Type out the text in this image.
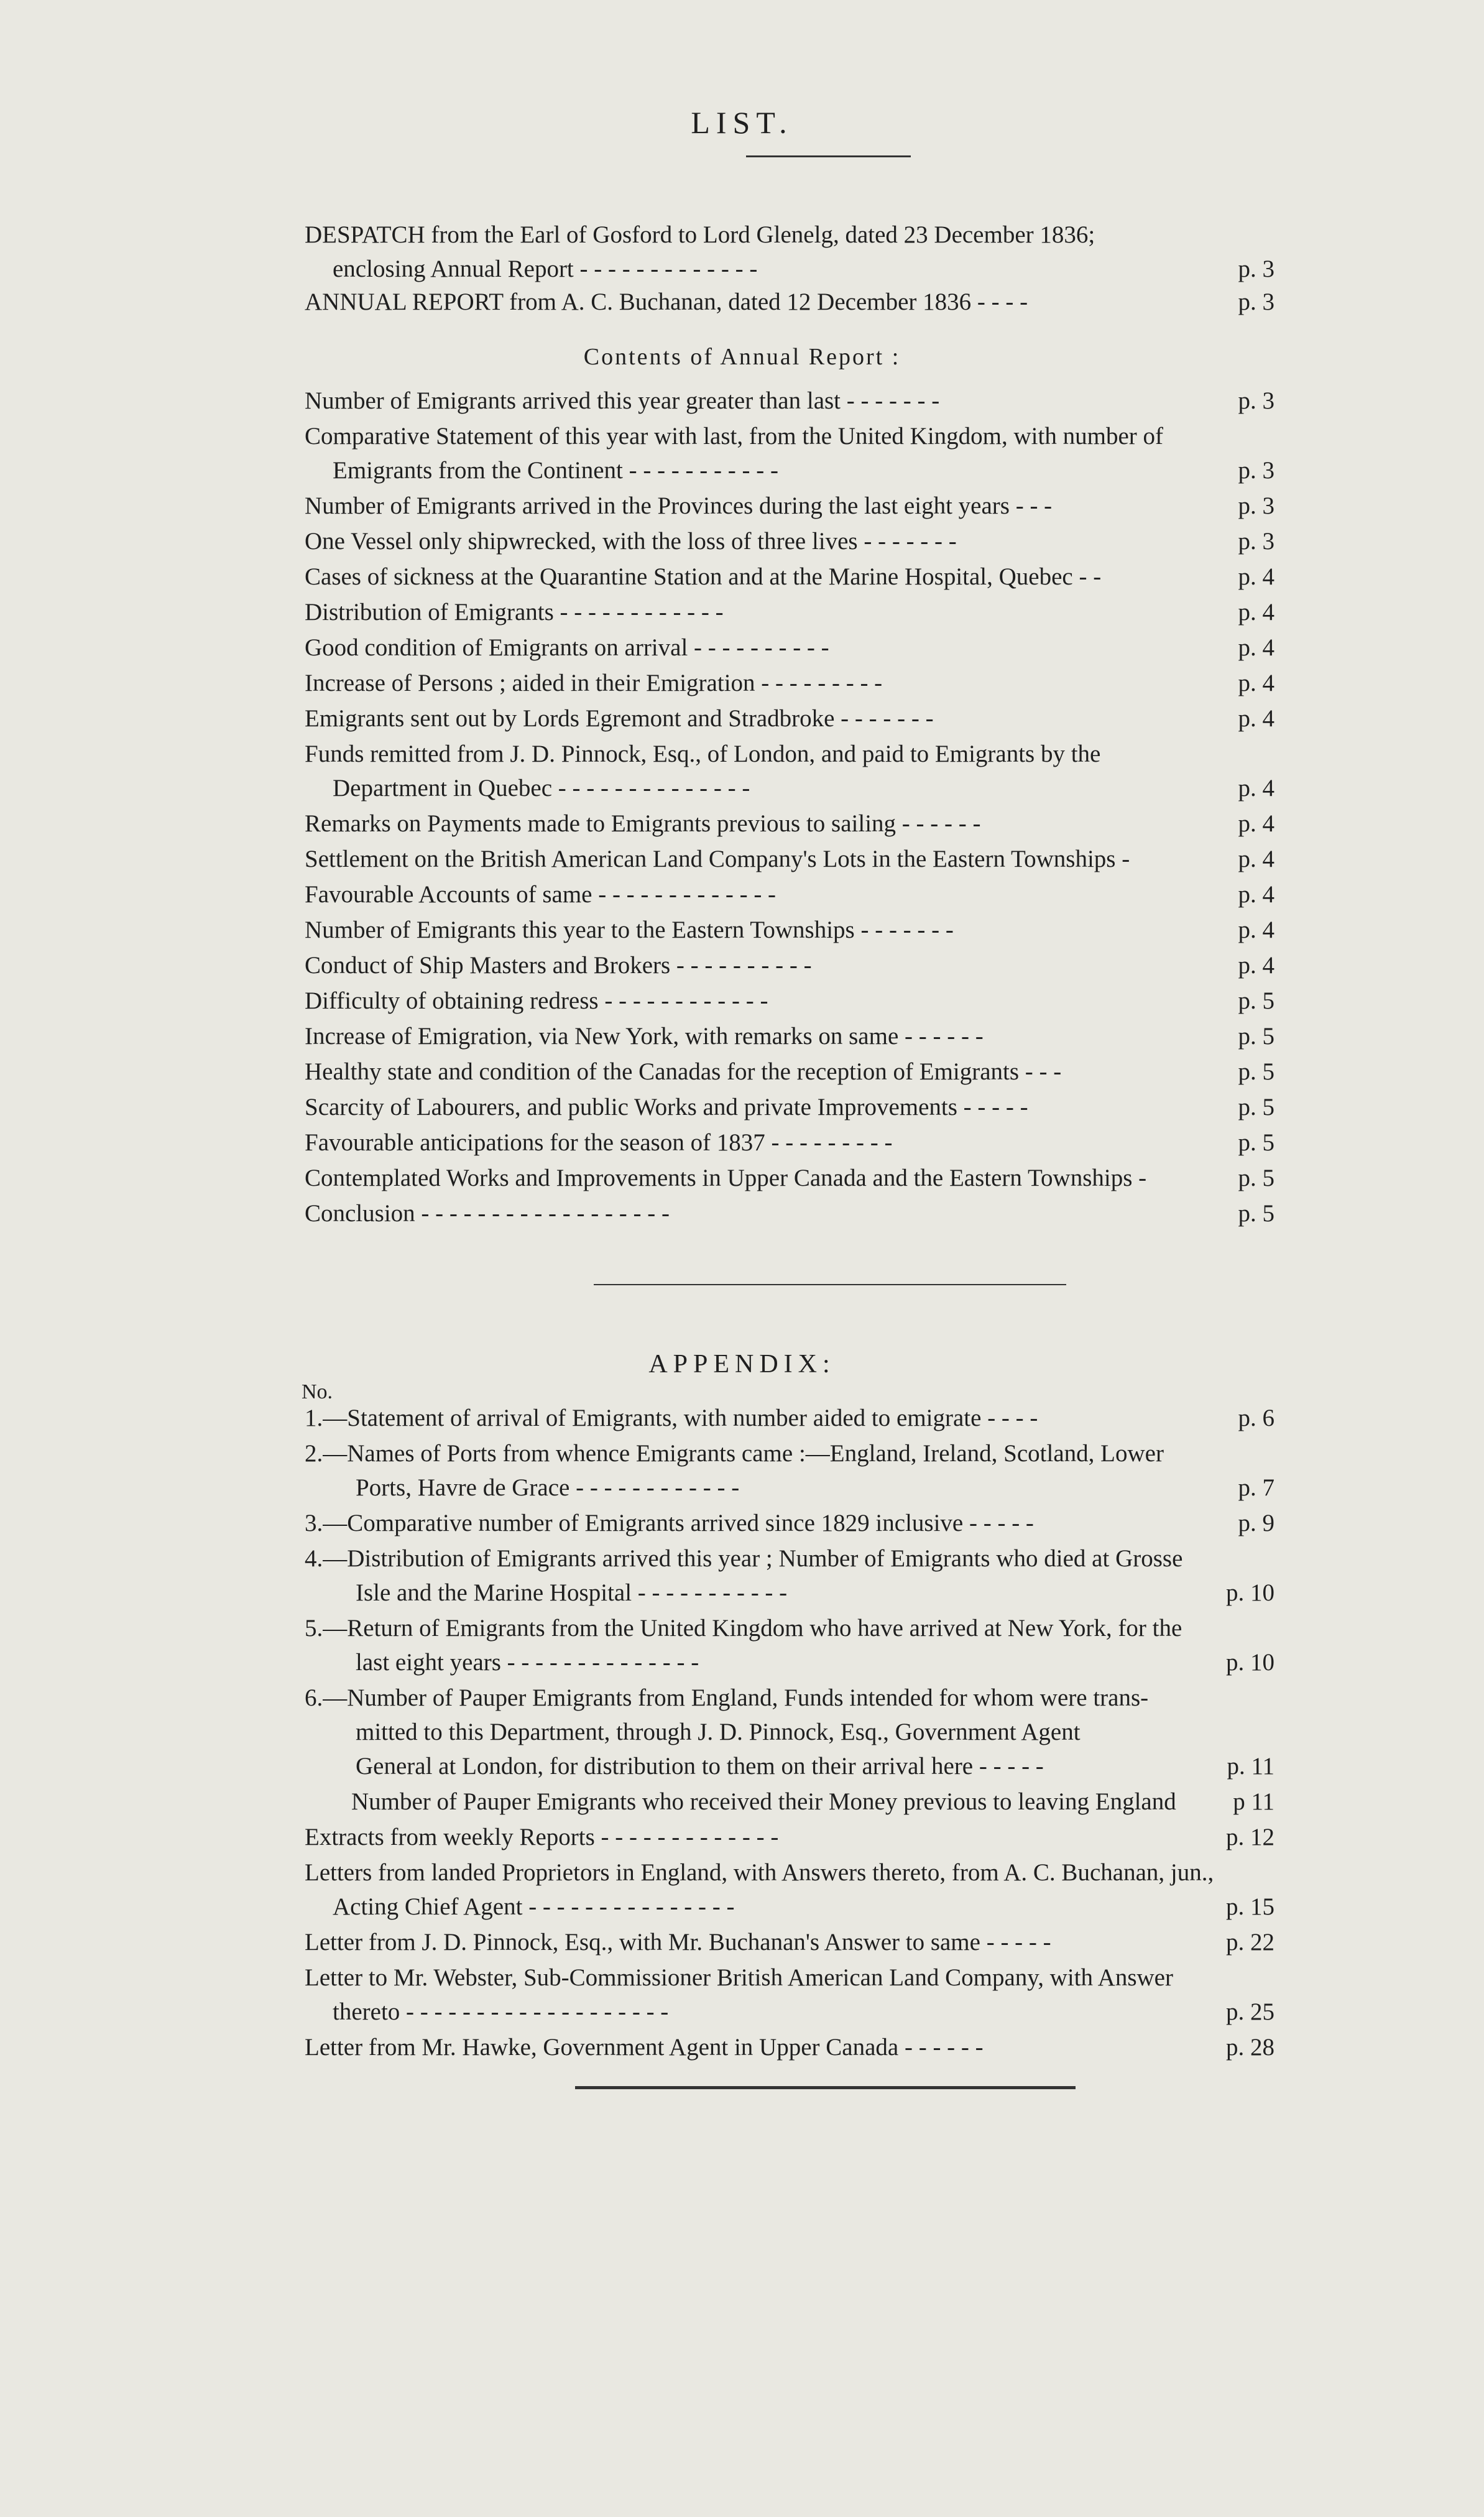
LIST.
DESPATCH from the Earl of Gosford to Lord Glenelg, dated 23 December 1836;
enclosing Annual Report - - - - - - - - - - - - -	p. 3
ANNUAL REPORT from A. C. Buchanan, dated 12 December 1836 - - - -	p. 3
Contents of Annual Report :
Number of Emigrants arrived this year greater than last - - - - - - -	p. 3
Comparative Statement of this year with last, from the United Kingdom, with number of
Emigrants from the Continent - - - - - - - - - - -	p. 3
Number of Emigrants arrived in the Provinces during the last eight years - - -	p. 3
One Vessel only shipwrecked, with the loss of three lives - - - - - - -	p. 3
Cases of sickness at the Quarantine Station and at the Marine Hospital, Quebec - -	p. 4
Distribution of Emigrants - - - - - - - - - - - -	p. 4
Good condition of Emigrants on arrival - - - - - - - - - -	p. 4
Increase of Persons ; aided in their Emigration - - - - - - - - -	p. 4
Emigrants sent out by Lords Egremont and Stradbroke - - - - - - -	p. 4
Funds remitted from J. D. Pinnock, Esq., of London, and paid to Emigrants by the
Department in Quebec - - - - - - - - - - - - - -	p. 4
Remarks on Payments made to Emigrants previous to sailing - - - - - -	p. 4
Settlement on the British American Land Company's Lots in the Eastern Townships -	p. 4
Favourable Accounts of same - - - - - - - - - - - - -	p. 4
Number of Emigrants this year to the Eastern Townships - - - - - - -	p. 4
Conduct of Ship Masters and Brokers - - - - - - - - - -	p. 4
Difficulty of obtaining redress - - - - - - - - - - - -	p. 5
Increase of Emigration, via New York, with remarks on same - - - - - -	p. 5
Healthy state and condition of the Canadas for the reception of Emigrants - - -	p. 5
Scarcity of Labourers, and public Works and private Improvements - - - - -	p. 5
Favourable anticipations for the season of 1837 - - - - - - - - -	p. 5
Contemplated Works and Improvements in Upper Canada and the Eastern Townships -	p. 5
Conclusion - - - - - - - - - - - - - - - - - -	p. 5
APPENDIX:
No.
1.—Statement of arrival of Emigrants, with number aided to emigrate - - - -	p. 6
2.—Names of Ports from whence Emigrants came :—England, Ireland, Scotland, Lower
Ports, Havre de Grace - - - - - - - - - - - -	p. 7
3.—Comparative number of Emigrants arrived since 1829 inclusive - - - - -	p. 9
4.—Distribution of Emigrants arrived this year ; Number of Emigrants who died at Grosse
Isle and the Marine Hospital - - - - - - - - - - -	p. 10
5.—Return of Emigrants from the United Kingdom who have arrived at New York, for the
last eight years - - - - - - - - - - - - - -	p. 10
6.—Number of Pauper Emigrants from England, Funds intended for whom were trans-
mitted to this Department, through J. D. Pinnock, Esq., Government Agent
General at London, for distribution to them on their arrival here - - - - -	p. 11
Number of Pauper Emigrants who received their Money previous to leaving England	p 11
Extracts from weekly Reports - - - - - - - - - - - - -	p. 12
Letters from landed Proprietors in England, with Answers thereto, from A. C. Buchanan, jun.,
Acting Chief Agent - - - - - - - - - - - - - - -	p. 15
Letter from J. D. Pinnock, Esq., with Mr. Buchanan's Answer to same - - - - -	p. 22
Letter to Mr. Webster, Sub-Commissioner British American Land Company, with Answer
thereto - - - - - - - - - - - - - - - - - - -	p. 25
Letter from Mr. Hawke, Government Agent in Upper Canada - - - - - -	p. 28
